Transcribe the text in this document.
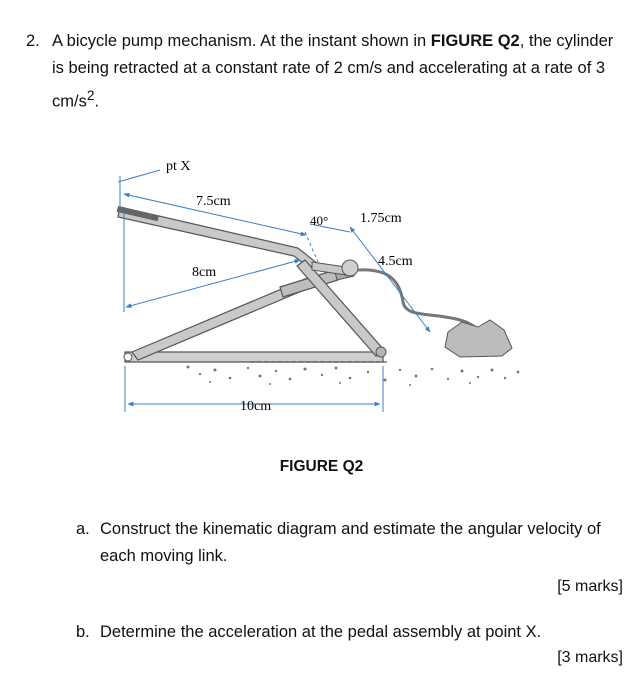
2. A bicycle pump mechanism. At the instant shown in FIGURE Q2, the cylinder is being retracted at a constant rate of 2 cm/s and accelerating at a rate of 3 $cm/s^2$.
pt X
7.5cm
40° 1.75cm
8cm
4.5cm
10cm
FIGURE Q2
a. Construct the kinematic diagram and estimate the angular velocity of each moving link.
[5 marks]
b. Determine the acceleration at the pedal assembly at point X.
[3 marks]
